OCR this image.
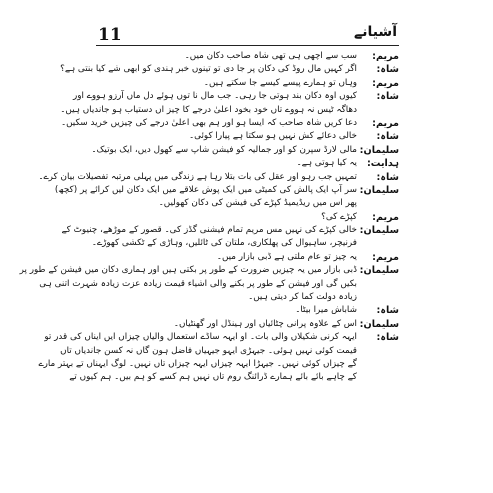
11	آشیانے
مریم:
سب سے اچھی ہی تھی شاہ صاحب دکان میں۔
شاہ:
اگر کہیں مال روڈ کی دکان پر جا دی تو تینوں خبر ہندی کو ابھی شے کیا بنتی ہے؟
مریم:
وہاں تو ہمارے پیسے کیسے جا سکتے ہیں۔
شاہ:
کیوں اوہ دکان بند ہوتی جا رہی۔ جب مال نا توں ہوئے دل ماں آرزو ہووے اور
دھاگہ ٹیس نہ ہووے تاں خود بخود اعلیٰ درجے کا چیز اں دستیاب ہو جاندیاں ہیں۔
مریم:
دعا کریں شاہ صاحب کہ ایسا ہو اور ہم بھی اعلیٰ درجے کی چیزیں خرید سکیں۔
شاہ:
خالی دعائے کش نہیں ہو سکتا ہے پیارا کوئی۔
سلیمان:
مالی لارڈ سپرن کو اور جمالیہ کو فیشن شاپ سے کھول دیں، ایک بوتیک۔
ہدایت:
یہ کیا ہوتی ہے۔
شاہ:
تمہیں جب رہو اور عقل کی بات بتلا رہا ہے زندگی میں پہلی مرتبہ تفصیلات بیان کرے۔
سلیمان:
سر آپ ایک پالش کی کمیٹی میں ایک پوش علاقے میں ایک دکان لیں کرائے پر (کچھ)
پھر اس میں ریڈیمیڈ کپڑے کی فیشن کی دکان کھولیں۔
مریم:
کپڑے کی؟
سلیمان:
خالی کپڑے کی نہیں مس مریم تمام فیشنی گڈز کی۔ قصور کے موڑھے، چنیوٹ کے
فرنیچر، ساہیوال کی پھلکاری، ملتان کی ٹائلیں، وہاڑی کے ٹکشی کھوڑے۔
مریم:
یہ چیز تو عام ملتی ہے ڈبی بازار میں۔
سلیمان:
ڈبی بازار میں یہ چیزیں ضرورت کے طور پر بکتی ہیں اور ہماری دکان میں فیشن کے طور پر
بکیں گی اور فیشن کے طور پر بکنے والی اشیاء قیمت زیادہ عزت زیادہ شہرت اتنی ہی
زیادہ دولت کما کر دیتی ہیں۔
شاہ:
شاباش میرا بیٹا۔
سلیمان:
اس کے علاوہ پرانی چٹائیاں اور ہینڈل اور گھنٹیاں۔
شاہ:
ایہہ کرنی شکیلاں والی بات۔ او ایہہ ساڈے استعمال والیاں چیزاں ایں ایناں کی قدر تو
قیمت کوئی نہیں ہوئی۔ جیہڑی ایہو جیہیاں فاضل ہون گاں نہ کسن جاندیاں تاں
گے چیزاں کوئی نہیں۔ جیہڑا ایہہ چیزاں ایہہ چیزاں تاں نہیں۔ لوگ ایہناں تے بہتر مارے
کے چاہے بائے بائے ہمارے ڈرائنگ روم تاں نہیں ہم کسے کو ہم بیں۔ ہم کیوں تے
